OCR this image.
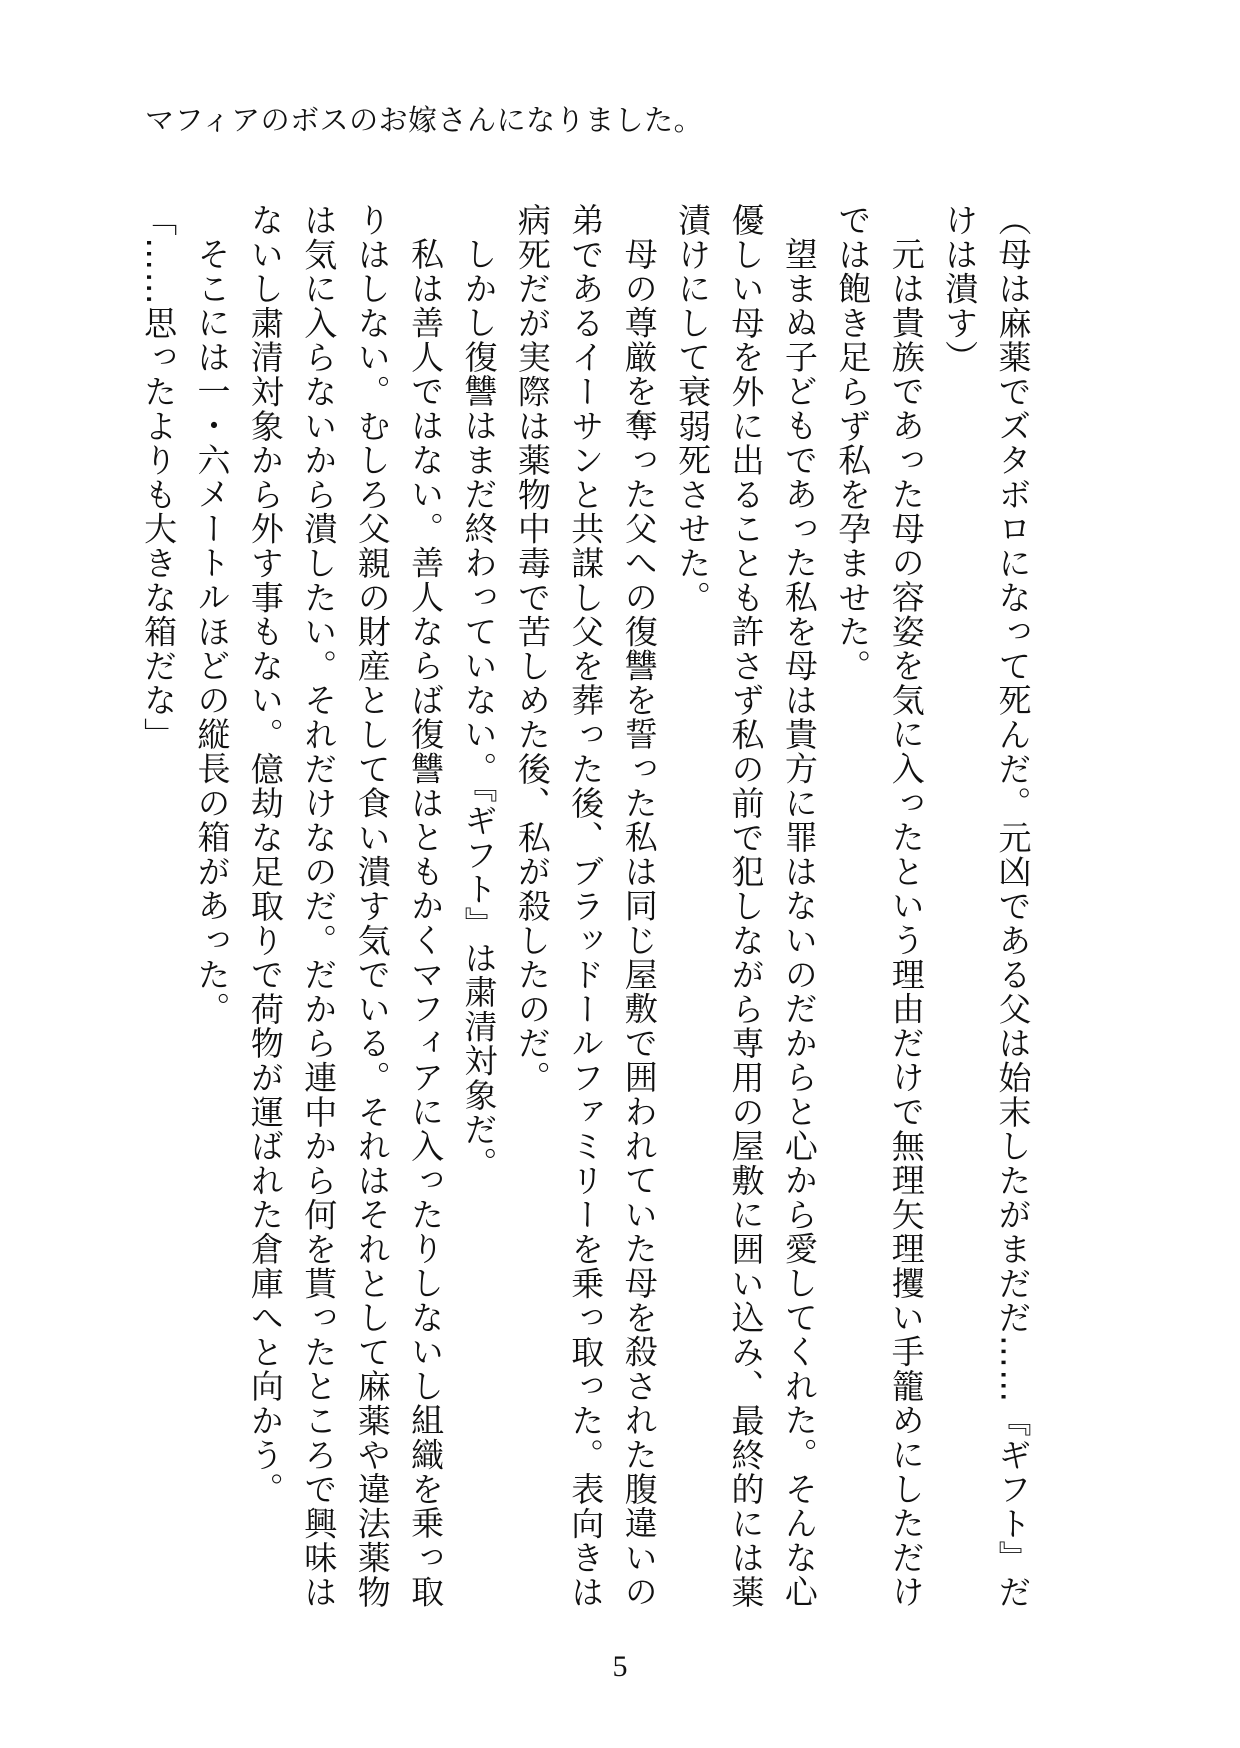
マフィアのボスのお嫁さんになりました。
（母は麻薬でズタボロになって死んだ。元凶である父は始末したがまだだ……『ギフト』だ
けは潰す）
元は貴族であった母の容姿を気に入ったという理由だけで無理矢理攫い手籠めにしただけ
では飽き足らず私を孕ませた。
望まぬ子どもであった私を母は貴方に罪はないのだからと心から愛してくれた。そんな心
優しい母を外に出ることも許さず私の前で犯しながら専用の屋敷に囲い込み、最終的には薬
漬けにして衰弱死させた。
母の尊厳を奪った父への復讐を誓った私は同じ屋敷で囲われていた母を殺された腹違いの
弟であるイーサンと共謀し父を葬った後、ブラッドールファミリーを乗っ取った。表向きは
病死だが実際は薬物中毒で苦しめた後、私が殺したのだ。
しかし復讐はまだ終わっていない。『ギフト』は粛清対象だ。
私は善人ではない。善人ならば復讐はともかくマフィアに入ったりしないし組織を乗っ取
りはしない。むしろ父親の財産として食い潰す気でいる。それはそれとして麻薬や違法薬物
は気に入らないから潰したい。それだけなのだ。だから連中から何を貰ったところで興味は
ないし粛清対象から外す事もない。億劫な足取りで荷物が運ばれた倉庫へと向かう。
そこには一・六メートルほどの縦長の箱があった。
「……思ったよりも大きな箱だな」
5
